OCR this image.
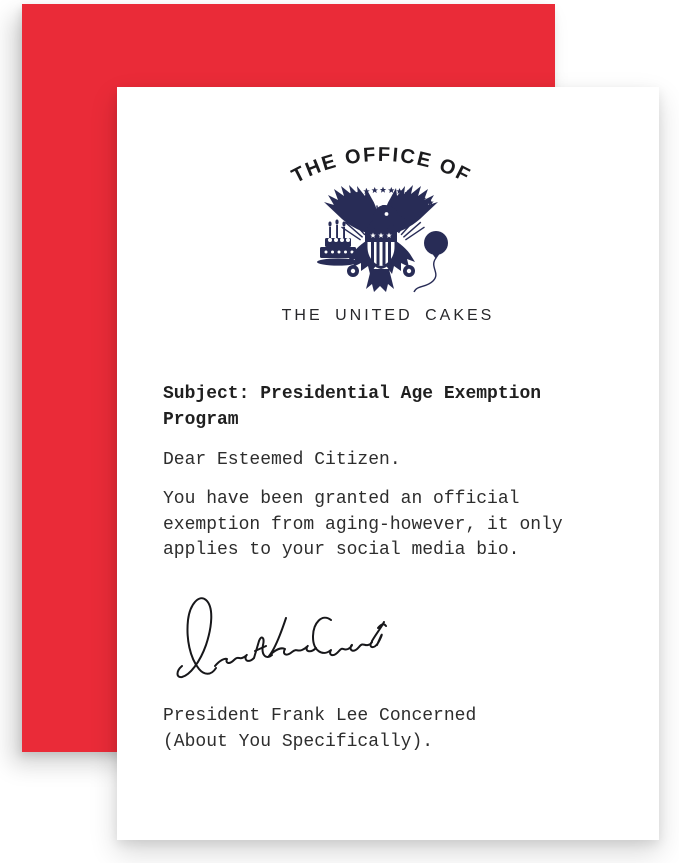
THE OFFICE OF
THE UNITED CAKES
Subject: Presidential Age Exemption
Program
Dear Esteemed Citizen.
You have been granted an official
exemption from aging-however, it only
applies to your social media bio.
President Frank Lee Concerned
(About You Specifically).
